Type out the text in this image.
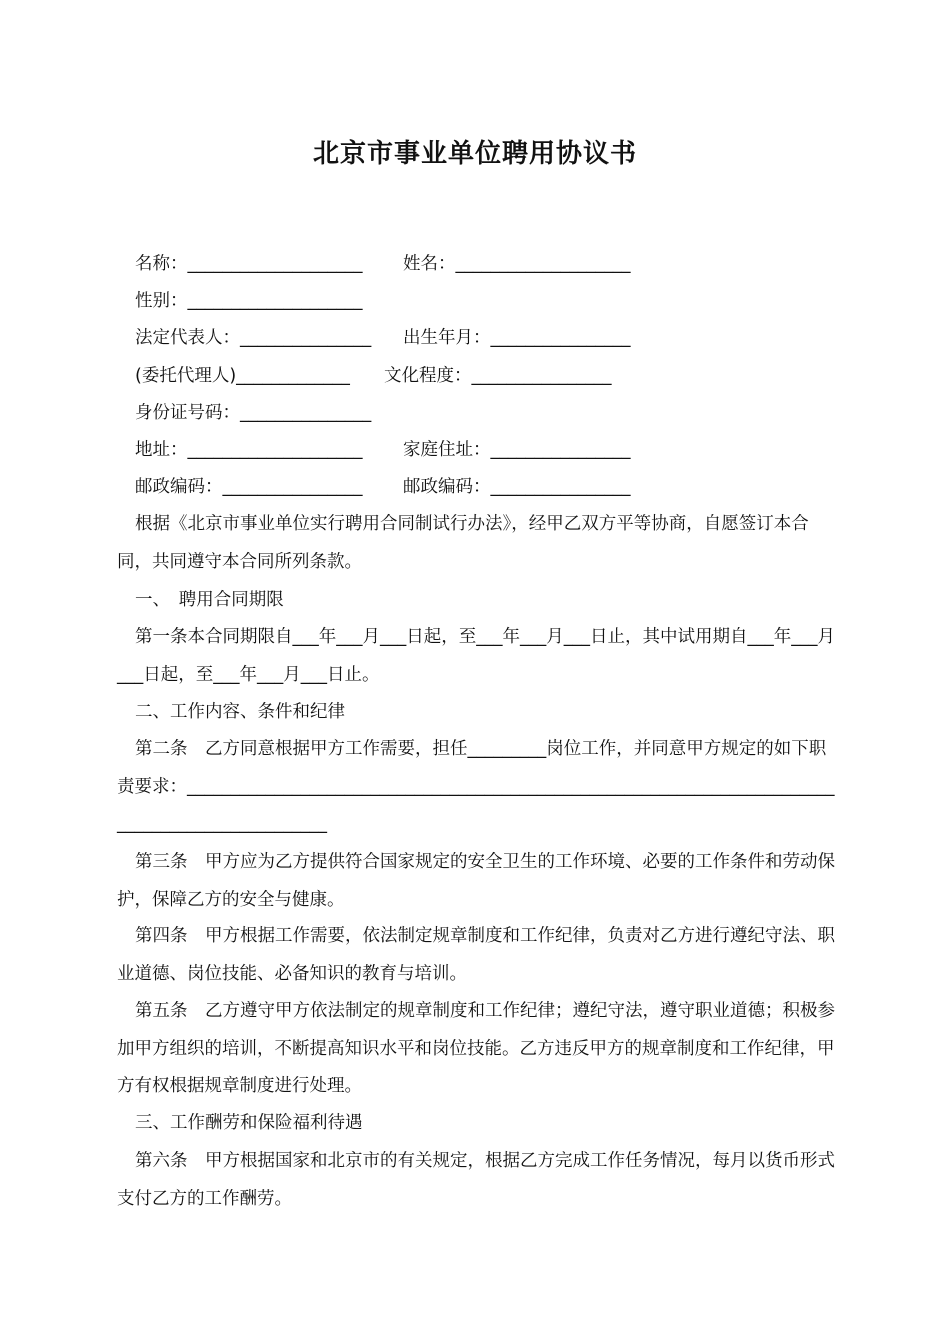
北京市事业单位聘用协议书
名称：____________________ 姓名：____________________
性别：____________________
法定代表人：_______________ 出生年月：________________
(委托代理人)_____________ 文化程度：________________
身份证号码：_______________
地址：____________________ 家庭住址：________________
邮政编码：________________ 邮政编码：________________
根据《北京市事业单位实行聘用合同制试行办法》，经甲乙双方平等协商，自愿签订本合同，共同遵守本合同所列条款。
一、　聘用合同期限
第一条本合同期限自___年___月___日起，至___年___月___日止，其中试用期自___年___月___日起，至___年___月___日止。
二、工作内容、条件和纪律
第二条　乙方同意根据甲方工作需要，担任_________岗位工作，并同意甲方规定的如下职责要求：__________________________________________________________________________________________________
第三条　甲方应为乙方提供符合国家规定的安全卫生的工作环境、必要的工作条件和劳动保护，保障乙方的安全与健康。
第四条　甲方根据工作需要，依法制定规章制度和工作纪律，负责对乙方进行遵纪守法、职业道德、岗位技能、必备知识的教育与培训。
第五条　乙方遵守甲方依法制定的规章制度和工作纪律；遵纪守法，遵守职业道德；积极参加甲方组织的培训，不断提高知识水平和岗位技能。乙方违反甲方的规章制度和工作纪律，甲方有权根据规章制度进行处理。
三、工作酬劳和保险福利待遇
第六条　甲方根据国家和北京市的有关规定，根据乙方完成工作任务情况，每月以货币形式支付乙方的工作酬劳。
